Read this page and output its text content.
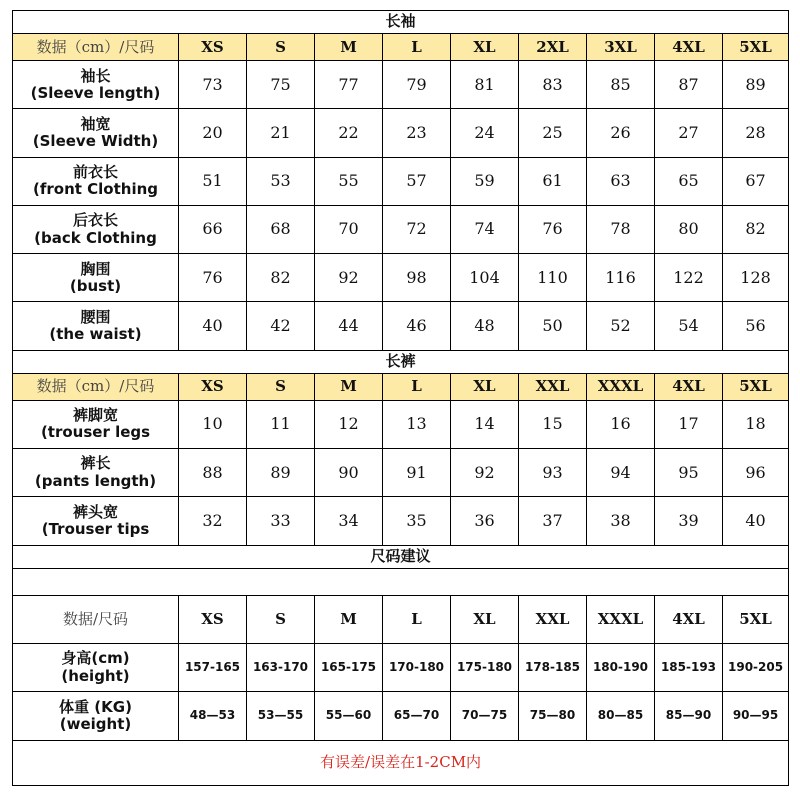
长袖									
数据（cm）/尺码	XS	S	M	L	XL	2XL	3XL	4XL	5XL

袖长
(Sleeve length)	73	75	77	79	81	83	85	87	89

袖宽
(Sleeve Width)	20	21	22	23	24	25	26	27	28

前衣长
(front Clothing	51	53	55	57	59	61	63	65	67

后衣长
(back Clothing	66	68	70	72	74	76	78	80	82

胸围
(bust)	76	82	92	98	104	110	116	122	128

腰围
(the waist)	40	42	44	46	48	50	52	54	56
长裤									
数据（cm）/尺码	XS	S	M	L	XL	XXL	XXXL	4XL	5XL

裤脚宽
(trouser legs	10	11	12	13	14	15	16	17	18

裤长
(pants length)	88	89	90	91	92	93	94	95	96

裤头宽
(Trouser tips	32	33	34	35	36	37	38	39	40
尺码建议									

数据/尺码	XS	S	M	L	XL	XXL	XXXL	4XL	5XL

身高(cm)
(height)	157-165	163-170	165-175	170-180	175-180	178-185	180-190	185-193	190-205

体重 (KG)
(weight)	48—53	53—55	55—60	65—70	70—75	75—80	80—85	85—90	90—95
有误差/误差在1-2CM内									
